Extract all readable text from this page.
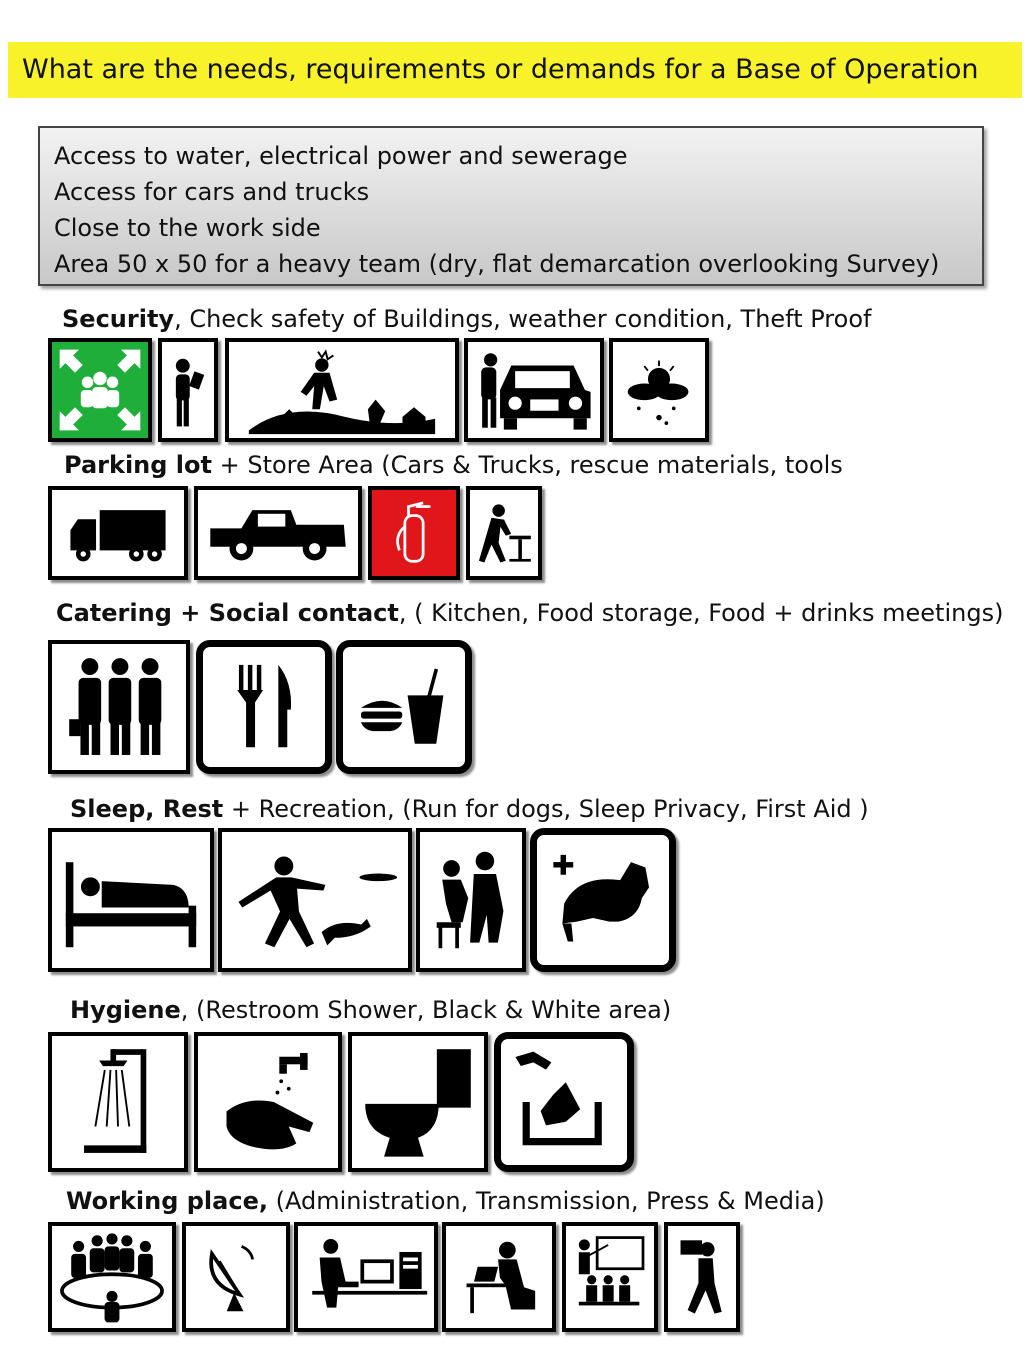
What are the needs, requirements or demands for a Base of Operation
Access to water, electrical power and sewerage
Access for cars and trucks
Close to the work side
Area 50 x 50 for a heavy team (dry, flat demarcation overlooking Survey)
Security, Check safety of Buildings, weather condition, Theft Proof
Parking lot + Store Area (Cars & Trucks, rescue materials, tools
Catering + Social contact, ( Kitchen, Food storage, Food + drinks meetings)
Sleep, Rest + Recreation, (Run for dogs, Sleep Privacy, First Aid )
Hygiene, (Restroom Shower, Black & White area)
Working place, (Administration, Transmission, Press & Media)
